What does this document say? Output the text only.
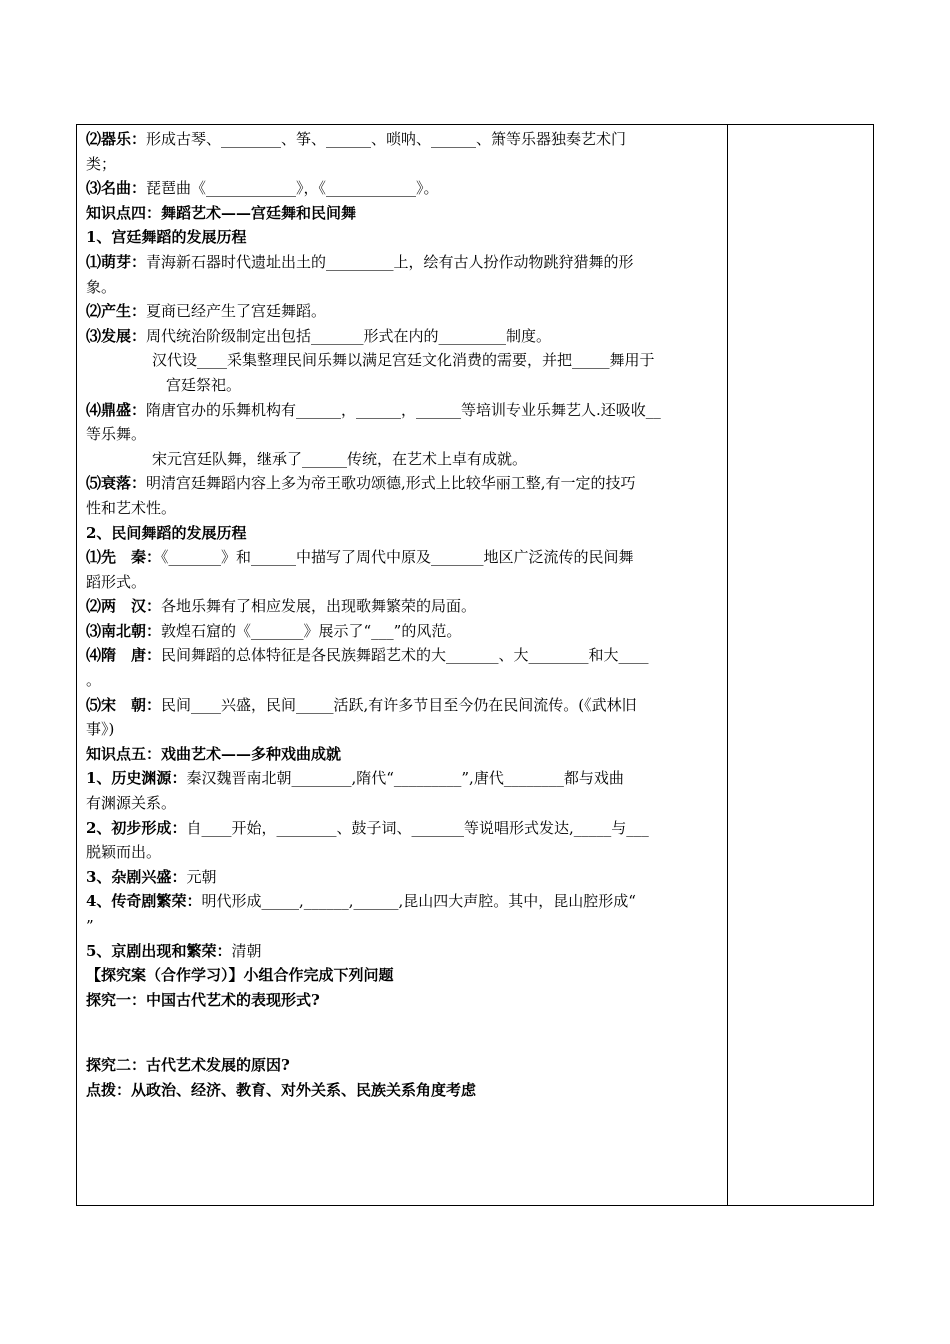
⑵器乐：形成古琴、________、筝、______、唢呐、______、箫等乐器独奏艺术门
类；
⑶名曲：琵琶曲《____________》，《____________》。
知识点四：舞蹈艺术——宫廷舞和民间舞
1、宫廷舞蹈的发展历程
⑴萌芽：青海新石器时代遗址出土的_________上，绘有古人扮作动物跳狩猎舞的形
象。
⑵产生：夏商已经产生了宫廷舞蹈。
⑶发展：周代统治阶级制定出包括_______形式在内的_________制度。
汉代设____采集整理民间乐舞以满足宫廷文化消费的需要，并把_____舞用于
宫廷祭祀。
⑷鼎盛：隋唐官办的乐舞机构有______，______，______等培训专业乐舞艺人.还吸收__
等乐舞。
宋元宫廷队舞，继承了______传统，在艺术上卓有成就。
⑸衰落：明清宫廷舞蹈内容上多为帝王歌功颂德,形式上比较华丽工整,有一定的技巧
性和艺术性。
2、民间舞蹈的发展历程
⑴先　秦：《_______》和______中描写了周代中原及_______地区广泛流传的民间舞
蹈形式。
⑵两　汉：各地乐舞有了相应发展，出现歌舞繁荣的局面。
⑶南北朝：敦煌石窟的《_______》展示了“___”的风范。
⑷隋　唐：民间舞蹈的总体特征是各民族舞蹈艺术的大_______、大________和大____
。
⑸宋　朝：民间____兴盛，民间_____活跃,有许多节目至今仍在民间流传。(《武林旧
事》)
知识点五：戏曲艺术——多种戏曲成就
1、历史渊源：秦汉魏晋南北朝________,隋代“_________”,唐代________都与戏曲
有渊源关系。
2、初步形成：自____开始，________、鼓子词、_______等说唱形式发达,_____与___
脱颖而出。
3、杂剧兴盛：元朝
4、传奇剧繁荣：明代形成_____,______,______,昆山四大声腔。其中，昆山腔形成“
”
5、京剧出现和繁荣：清朝
【探究案（合作学习）】小组合作完成下列问题
探究一：中国古代艺术的表现形式?
探究二：古代艺术发展的原因?
点拨：从政治、经济、教育、对外关系、民族关系角度考虑
